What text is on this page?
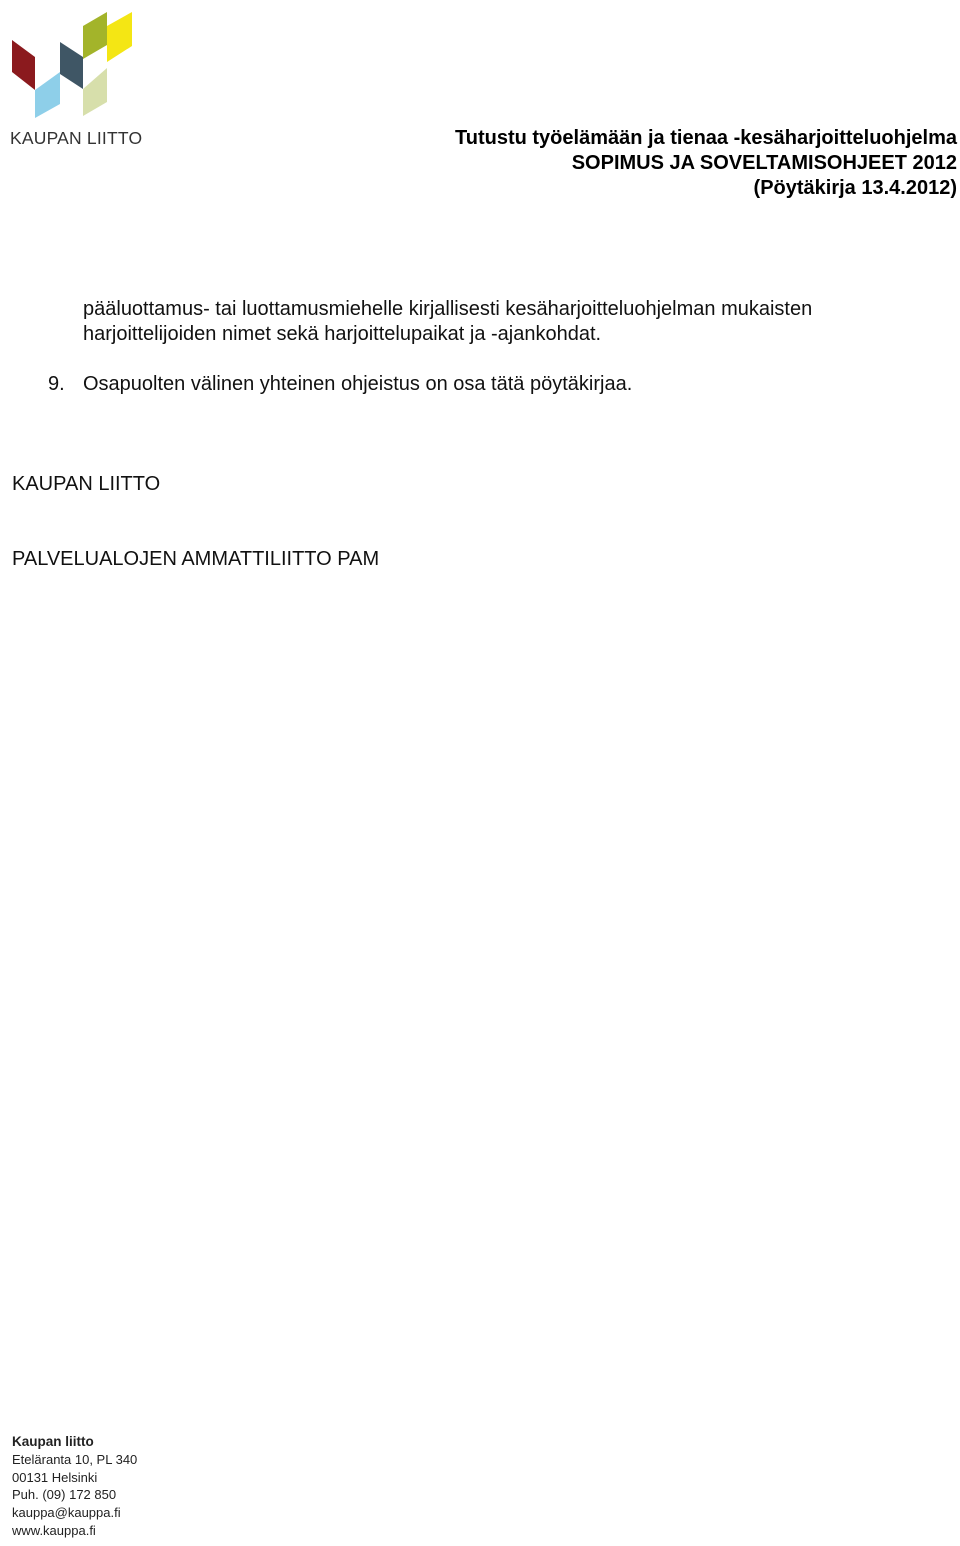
KAUPAN LIITTO	Tutustu työelämään ja tienaa -kesäharjoitteluohjelma
SOPIMUS JA SOVELTAMISOHJEET 2012
(Pöytäkirja 13.4.2012)

pääluottamus- tai luottamusmiehelle kirjallisesti kesäharjoitteluohjelman mukaisten

harjoittelijoiden nimet sekä harjoittelupaikat ja -ajankohdat.

9. Osapuolten välinen yhteinen ohjeistus on osa tätä pöytäkirjaa.
KAUPAN LIITTO
PALVELUALOJEN AMMATTILIITTO PAM
Kaupan liitto
Eteläranta 10, PL 340
00131 Helsinki
Puh. (09) 172 850
kauppa@kauppa.fi
www.kauppa.fi
